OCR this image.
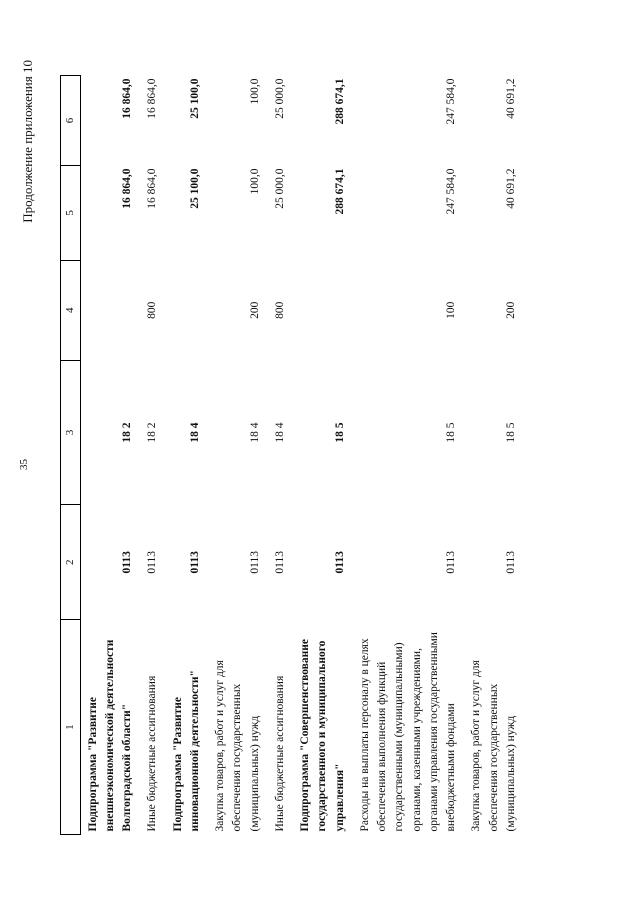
35
Продолжение приложения 10
1	2	3	4	5	6
Подпрограмма "Развитие внешнеэкономической деятельности Волгоградской области"	0113	18 2		16 864,0	16 864,0
Иные бюджетные ассигнования	0113	18 2	800	16 864,0	16 864,0
Подпрограмма "Развитие инновационной деятельности"	0113	18 4		25 100,0	25 100,0
Закупка товаров, работ и услуг для обеспечения государственных (муниципальных) нужд	0113	18 4	200	100,0	100,0
Иные бюджетные ассигнования	0113	18 4	800	25 000,0	25 000,0
Подпрограмма "Совершенствование государственного и муниципального управления"	0113	18 5		288 674,1	288 674,1
Расходы на выплаты персоналу в целях обеспечения выполнения функций государственными (муниципальными) органами, казенными учреждениями, органами управления государственными внебюджетными фондами	0113	18 5	100	247 584,0	247 584,0
Закупка товаров, работ и услуг для обеспечения государственных (муниципальных) нужд	0113	18 5	200	40 691,2	40 691,2
